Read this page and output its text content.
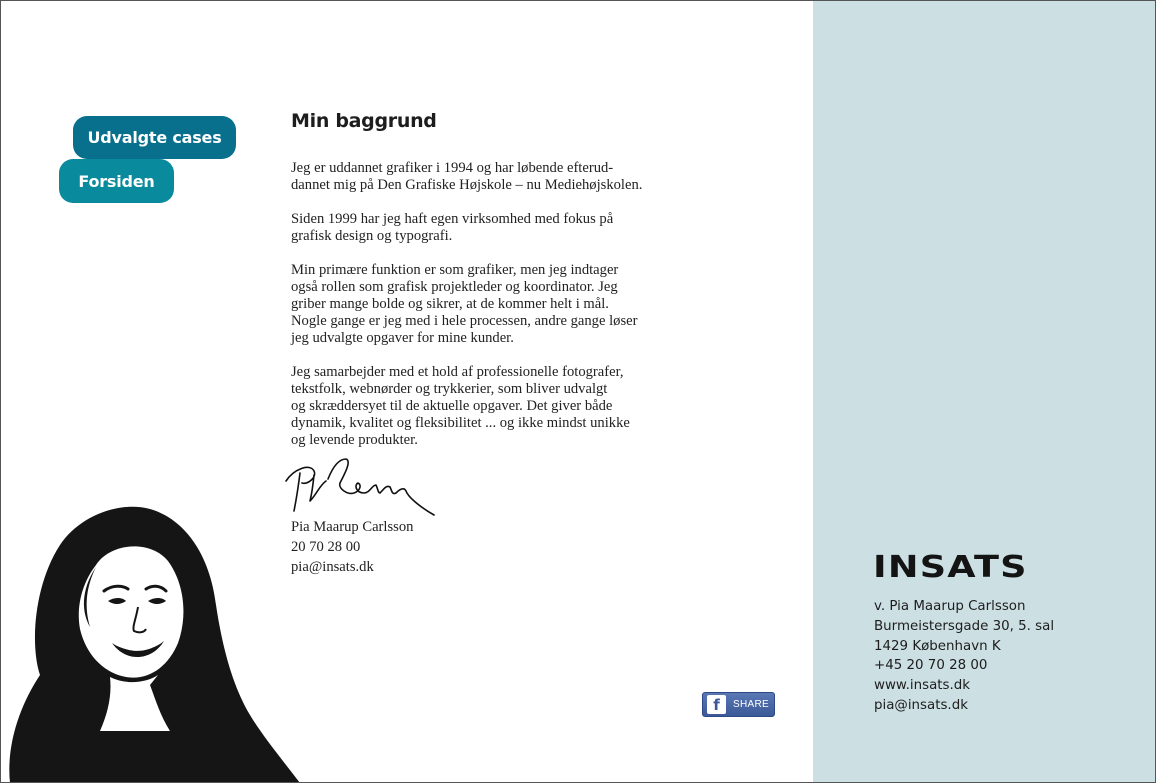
Udvalgte cases
Forsiden
Min baggrund

Jeg er uddannet grafiker i 1994 og har løbende efterud-
dannet mig på Den Grafiske Højskole – nu Mediehøjskolen.

Siden 1999 har jeg haft egen virksomhed med fokus på
grafisk design og typografi.

Min primære funktion er som grafiker, men jeg indtager
også rollen som grafisk projektleder og koordinator. Jeg
griber mange bolde og sikrer, at de kommer helt i mål.
Nogle gange er jeg med i hele processen, andre gange løser
jeg udvalgte opgaver for mine kunder.

Jeg samarbejder med et hold af professionelle fotografer,
tekstfolk, webnørder og trykkerier, som bliver udvalgt
og skræddersyet til de aktuelle opgaver. Det giver både
dynamik, kvalitet og fleksibilitet ... og ikke mindst unikke
og levende produkter.

Pia Maarup Carlsson
20 70 28 00
pia@insats.dk
f	SHARE
INSATS
v. Pia Maarup Carlsson
Burmeistersgade 30, 5. sal
1429 København K
+45 20 70 28 00
www.insats.dk
pia@insats.dk
